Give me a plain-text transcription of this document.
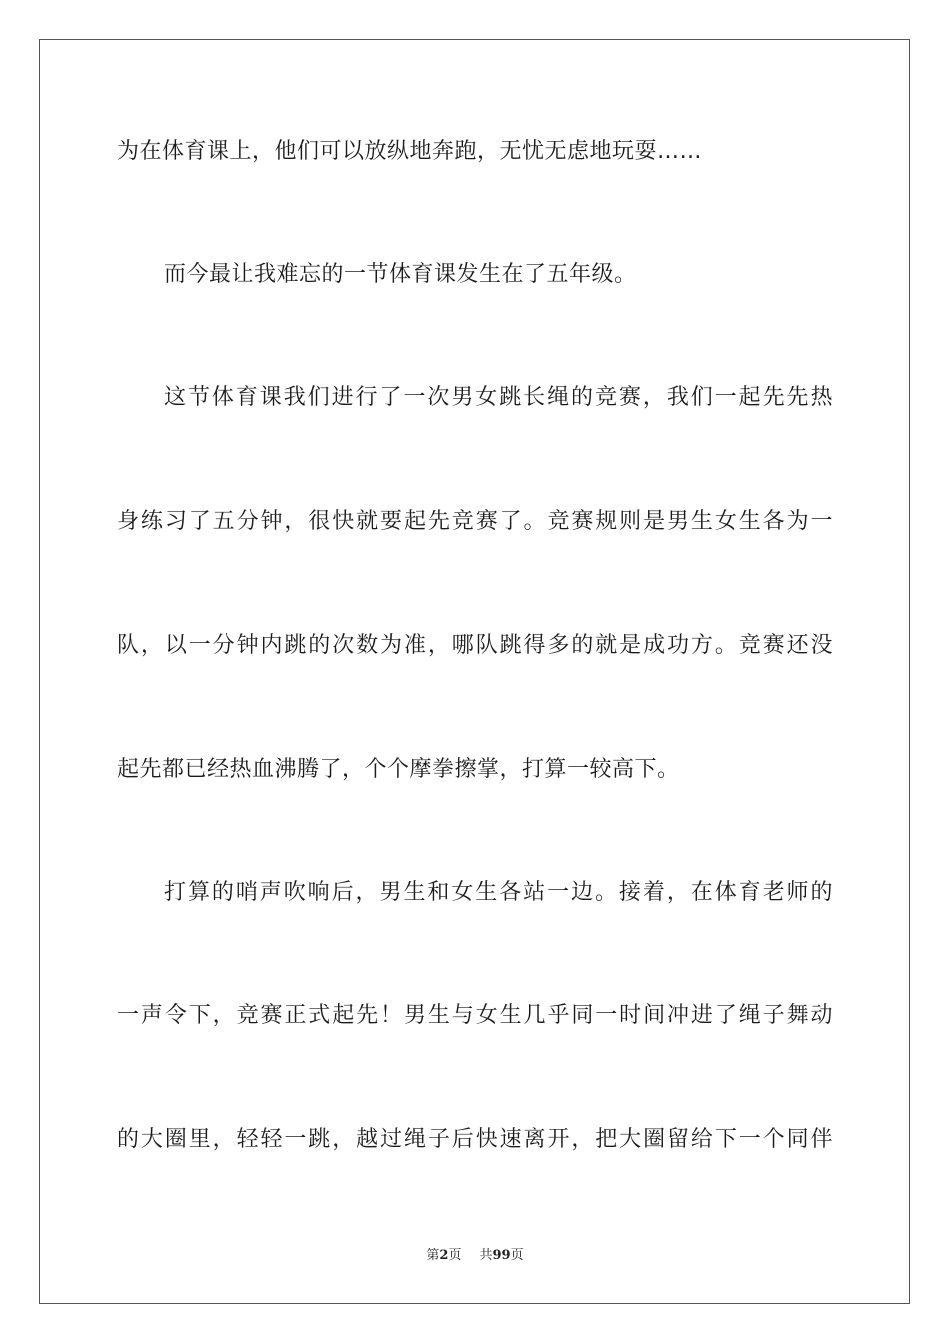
为在体育课上，他们可以放纵地奔跑，无忧无虑地玩耍……
而今最让我难忘的一节体育课发生在了五年级。
这节体育课我们进行了一次男女跳长绳的竞赛，我们一起先先热
身练习了五分钟，很快就要起先竞赛了。竞赛规则是男生女生各为一
队，以一分钟内跳的次数为准，哪队跳得多的就是成功方。竞赛还没
起先都已经热血沸腾了，个个摩拳擦掌，打算一较高下。
打算的哨声吹响后，男生和女生各站一边。接着，在体育老师的
一声令下，竞赛正式起先！男生与女生几乎同一时间冲进了绳子舞动
的大圈里，轻轻一跳，越过绳子后快速离开，把大圈留给下一个同伴
第2页 共99页
